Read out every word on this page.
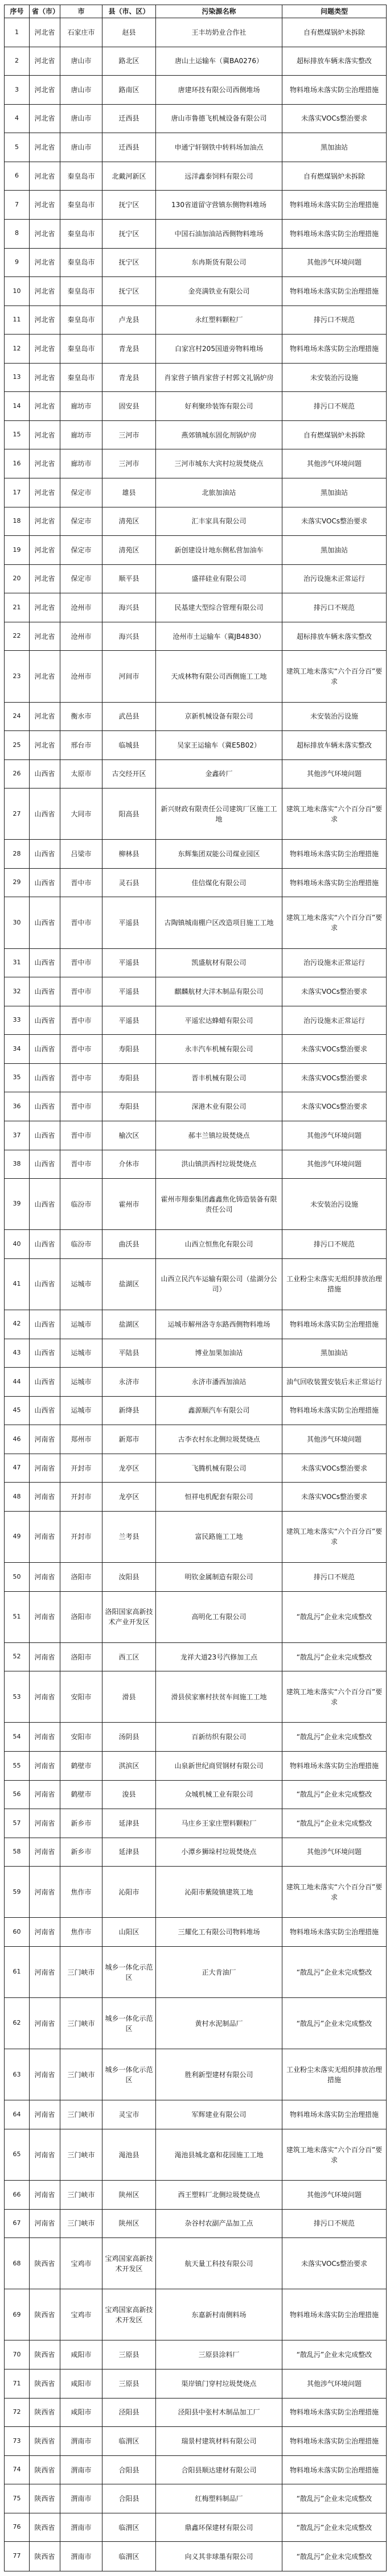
序号	省（市）	市	县（市、区）	污染源名称	问题类型
1	河北省	石家庄市	赵县	王丰坊奶业合作社	自有燃煤锅炉未拆除
2	河北省	唐山市	路北区	唐山土运输车（冀BA0276）	超标排放车辆未落实整改
3	河北省	唐山市	路南区	唐建环技有限公司西侧堆场	物料堆场未落实防尘治理措施
4	河北省	唐山市	迁西县	唐山市鲁德飞机械设备有限公司	未落实VOCs整治要求
5	河北省	唐山市	迁西县	申通宁轩钢铁中转料场加油点	黑加油站
6	河北省	秦皇岛市	北戴河新区	远洋鑫泰饲料有限公司	自有燃煤锅炉未拆除
7	河北省	秦皇岛市	抚宁区	130省道留守营镇东侧物料堆场	物料堆场未落实防尘治理措施
8	河北省	秦皇岛市	抚宁区	中国石油加油站西侧物料堆场	物料堆场未落实防尘治理措施
9	河北省	秦皇岛市	抚宁区	东冉斯货有限公司	其他涉气环境问题
10	河北省	秦皇岛市	抚宁区	金亮满铁业有限公司	物料堆场未落实防尘治理措施
11	河北省	秦皇岛市	卢龙县	永红塑料颗粒厂	排污口不规范
12	河北省	秦皇岛市	青龙县	白家宫村205国道旁物料堆场	物料堆场未落实防尘治理措施
13	河北省	秦皇岛市	青龙县	肖家营子镇肖家营子村郭文礼锅炉房	未安装治污设施
14	河北省	廊坊市	固安县	好利聚珍装饰有限公司	排污口不规范
15	河北省	廊坊市	三河市	燕郊镇城东固化剂锅炉房	自有燃煤锅炉未拆除
16	河北省	廊坊市	三河市	三河市城东大宾村垃圾焚烧点	其他涉气环境问题
17	河北省	保定市	雄县	北旅加油站	黑加油站
18	河北省	保定市	清苑区	汇丰家具有限公司	未落实VOCs整治要求
19	河北省	保定市	清苑区	新创建设计地东侧私营加油车	黑加油站
20	河北省	保定市	顺平县	盛祥硅业有限公司	治污设施未正常运行
21	河北省	沧州市	海兴县	民基建大型综合管理有限公司	排污口不规范
22	河北省	沧州市	海兴县	沧州市土运输车（冀JB4830）	超标排放车辆未落实整改
23	河北省	沧州市	河间市	天成林物有限公司西侧施工工地	建筑工地未落实“六个百分百”要求
24	河北省	衡水市	武邑县	京新机械设备有限公司	未安装治污设施
25	河北省	邢台市	临城县	吴家王运输车（冀E5B02）	超标排放车辆未落实整改
26	山西省	太原市	古交经开区	金鑫砖厂	其他涉气环境问题
27	山西省	大同市	阳高县	新兴财政有限责任公司建筑厂区施工工地	建筑工地未落实“六个百分百”要求
28	山西省	吕梁市	柳林县	东辉集团双能公司煤业园区	物料堆场未落实防尘治理措施
29	山西省	晋中市	灵石县	佳信煤化有限公司	物料堆场未落实防尘治理措施
30	山西省	晋中市	平遥县	古陶镇城南棚户区改造项目施工工地	建筑工地未落实“六个百分百”要求
31	山西省	晋中市	平遥县	凯盛航材有限公司	治污设施未正常运行
32	山西省	晋中市	平遥县	麒麟航材大洋木制品有限公司	未落实VOCs整治要求
33	山西省	晋中市	平遥县	平遥宏达蜂蜡有限公司	治污设施未正常运行
34	山西省	晋中市	寿阳县	永丰汽车机械有限公司	未落实VOCs整治要求
35	山西省	晋中市	寿阳县	晋丰机械有限公司	未落实VOCs整治要求
36	山西省	晋中市	寿阳县	深港木业有限公司	未落实VOCs整治要求
37	山西省	晋中市	榆次区	郝丰兰镇垃圾焚烧点	其他涉气环境问题
38	山西省	晋中市	介休市	洪山镇洪西村垃圾焚烧点	其他涉气环境问题
39	山西省	临汾市	霍州市	霍州市翔泰集团鑫鑫焦化铸造装备有限责任公司	未安装治污设施
40	山西省	临汾市	曲沃县	山西立恒焦化有限公司	排污口不规范
41	山西省	运城市	盐湖区	山西立民汽车运输有限公司（盐湖分公司）	工业粉尘未落实无组织排放治理措施
42	山西省	运城市	盐湖区	运城市解州洛寺东路西侧物料堆场	物料堆场未落实防尘治理措施
43	山西省	运城市	平陆县	博业加果加油站	黑加油站
44	山西省	运城市	永济市	永济市潘西加油站	油气回收装置安装后未正常运行
45	山西省	运城市	新绛县	鑫源顺汽车有限公司	物料堆场未落实防尘治理措施
46	河南省	郑州市	新郑市	古李衣村东北侧垃圾焚烧点	其他涉气环境问题
47	河南省	开封市	龙亭区	飞腾机械有限公司	未落实VOCs整治要求
48	河南省	开封市	龙亭区	恒祥电机配套有限公司	未落实VOCs整治要求
49	河南省	开封市	兰考县	富民路施工工地	建筑工地未落实“六个百分百”要求
50	河南省	洛阳市	汝阳县	明钦金属制造有限公司	排污口不规范
51	河南省	洛阳市	洛阳国家高新技术产业开发区	高明化工有限公司	“散乱污”企业未完成整改
52	河南省	洛阳市	西工区	龙祥大道23号汽修加工点	“散乱污”企业未完成整改
53	河南省	安阳市	滑县	滑县侯家寨村扶贫车间施工工地	建筑工地未落实“六个百分百”要求
54	河南省	安阳市	汤阴县	百新纺织有限公司	“散乱污”企业未完成整改
55	河南省	鹤壁市	淇滨区	山泉新世纪商贸钢材有限公司	物料堆场未落实防尘治理措施
56	河南省	鹤壁市	浚县	众城机械工业有限公司	“散乱污”企业未完成整改
57	河南省	新乡市	延津县	马庄乡王家庄塑料颗粒厂	“散乱污”企业未完成整改
58	河南省	新乡市	延津县	小潭乡狮垛村垃圾焚烧点	其他涉气环境问题
59	河南省	焦作市	沁阳市	沁阳市紫陵镇建筑工地	建筑工地未落实“六个百分百”要求
60	河南省	焦作市	山阳区	三耀化工有限公司物料堆场	物料堆场未落实防尘治理措施
61	河南省	三门峡市	城乡一体化示范区	正大肯油厂	“散乱污”企业未完成整改
62	河南省	三门峡市	城乡一体化示范区	黄村水泥制品厂	“散乱污”企业未完成整改
63	河南省	三门峡市	城乡一体化示范区	胜利新型建材有限公司	工业粉尘未落实无组织排放治理措施
64	河南省	三门峡市	灵宝市	军辉建业有限公司	物料堆场未落实防尘治理措施
65	河南省	三门峡市	渑池县	渑池县城北嘉和花园施工工地	建筑工地未落实“六个百分百”要求
66	河南省	三门峡市	陕州区	西王塑料厂北侧垃圾焚烧点	其他涉气环境问题
67	河南省	三门峡市	陕州区	杂谷村农副产品加工点	排污口不规范
68	陕西省	宝鸡市	宝鸡国家高新技术开发区	航天量工科技有限公司	未落实VOCs整治要求
69	陕西省	宝鸡市	宝鸡国家高新技术开发区	东嘉新村南侧料场	物料堆场未落实防尘治理措施
70	陕西省	咸阳市	三原县	三原县涂料厂	“散乱污”企业未完成整改
71	陕西省	咸阳市	三原县	渠岸镇门穿村垃圾焚烧点	其他涉气环境问题
72	陕西省	咸阳市	泾阳县	泾阳县中张村木制品加工厂	物料堆场未落实防尘治理措施
73	陕西省	渭南市	临渭区	瑞景村建筑材料有限公司	物料堆场未落实防尘治理措施
74	陕西省	渭南市	合阳县	合阳县顺达建材有限公司	物料堆场未落实防尘治理措施
75	陕西省	渭南市	合阳县	红梅塑料制品厂	“散乱污”企业未完成整改
76	陕西省	渭南市	临渭区	鼎鑫环保建材有限公司	“散乱污”企业未完成整改
77	陕西省	渭南市	临渭区	向义其非球墨有限公司	“散乱污”企业未完成整改
